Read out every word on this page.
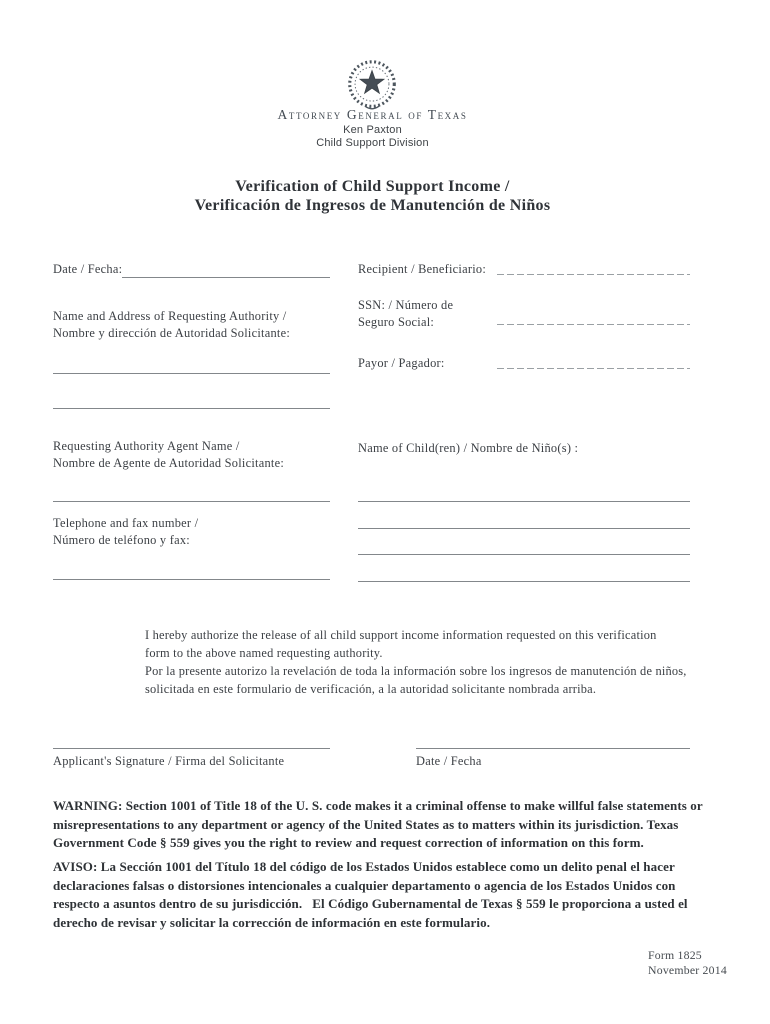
Attorney General of Texas
Ken Paxton
Child Support Division
Verification of Child Support Income /
Verificación de Ingresos de Manutención de Niños
Date / Fecha:	Recipient / Beneficiario:
SSN: / Número de
Seguro Social:
Name and Address of Requesting Authority /
Nombre y dirección de Autoridad Solicitante:
Payor / Pagador:
Requesting Authority Agent Name /
Nombre de Agente de Autoridad Solicitante:
Name of Child(ren) / Nombre de Niño(s) :
Telephone and fax number /
Número de teléfono y fax:
I hereby authorize the release of all child support income information requested on this verification
form to the above named requesting authority.
Por la presente autorizo la revelación de toda la información sobre los ingresos de manutención de niños,
solicitada en este formulario de verificación, a la autoridad solicitante nombrada arriba.
Applicant's Signature / Firma del Solicitante	Date / Fecha
WARNING: Section 1001 of Title 18 of the U. S. code makes it a criminal offense to make willful false statements or misrepresentations to any department or agency of the United States as to matters within its jurisdiction. Texas Government Code § 559 gives you the right to review and request correction of information on this form.
AVISO: La Sección 1001 del Título 18 del código de los Estados Unidos establece como un delito penal el hacer declaraciones falsas o distorsiones intencionales a cualquier departamento o agencia de los Estados Unidos con respecto a asuntos dentro de su jurisdicción.   El Código Gubernamental de Texas § 559 le proporciona a usted el derecho de revisar y solicitar la corrección de información en este formulario.
Form 1825
November 2014
